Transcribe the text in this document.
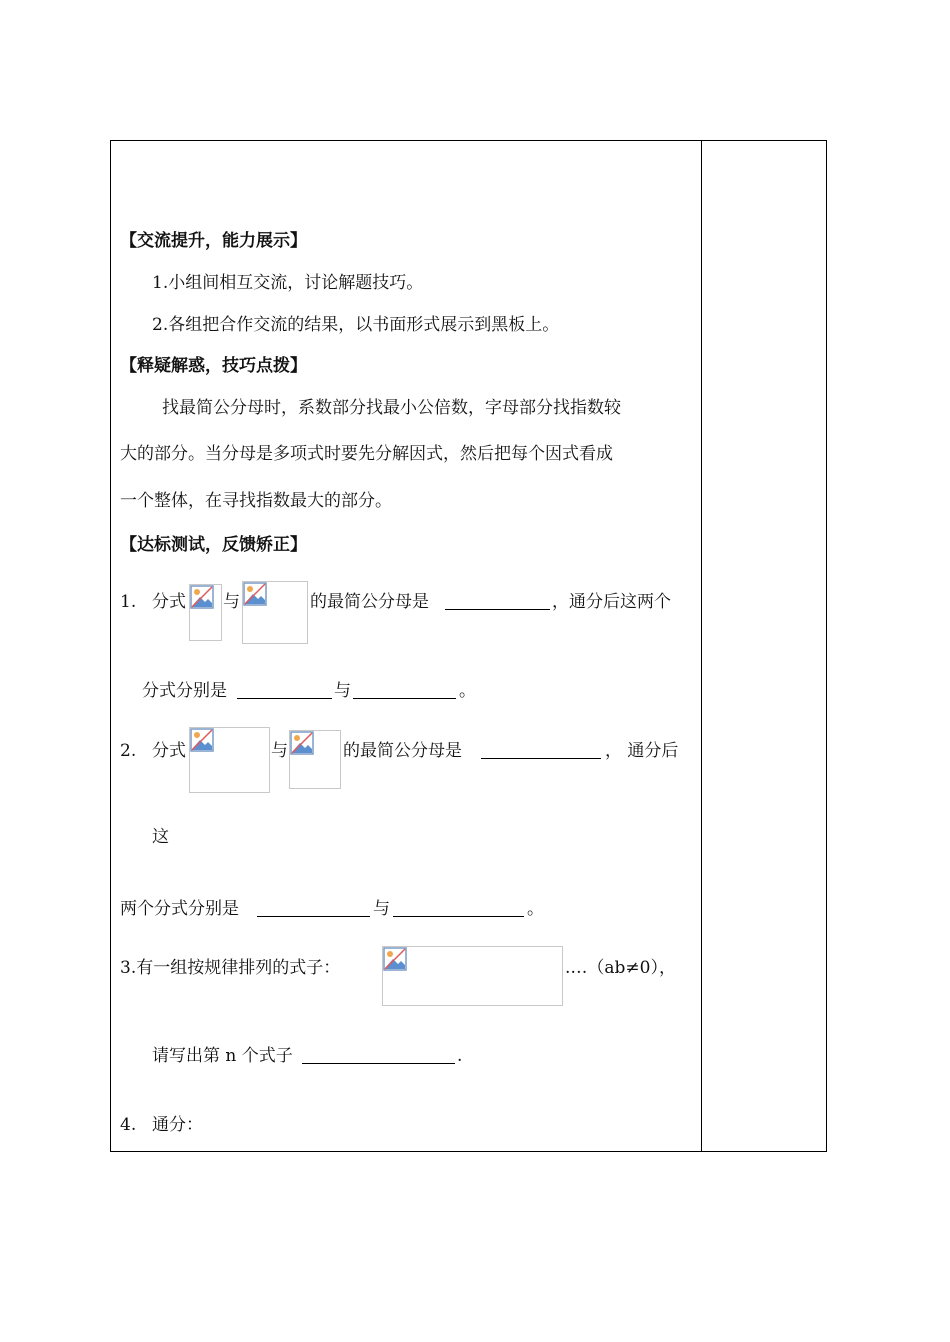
【交流提升，能力展示】
1.小组间相互交流，讨论解题技巧。
2.各组把合作交流的结果，以书面形式展示到黑板上。
【释疑解惑，技巧点拨】
找最简公分母时，系数部分找最小公倍数，字母部分找指数较
大的部分。当分母是多项式时要先分解因式，然后把每个因式看成
一个整体，在寻找指数最大的部分。
【达标测试，反馈矫正】
1. 分式 与	的最简公分母是	，通分后这两个
分式分别是	与	。
2. 分式	与	的最简公分母是	， 通分后
这
两个分式分别是	与	。
3.有一组按规律排列的式子：	.…（ab≠0），
请写出第 n 个式子	.
4. 通分：
